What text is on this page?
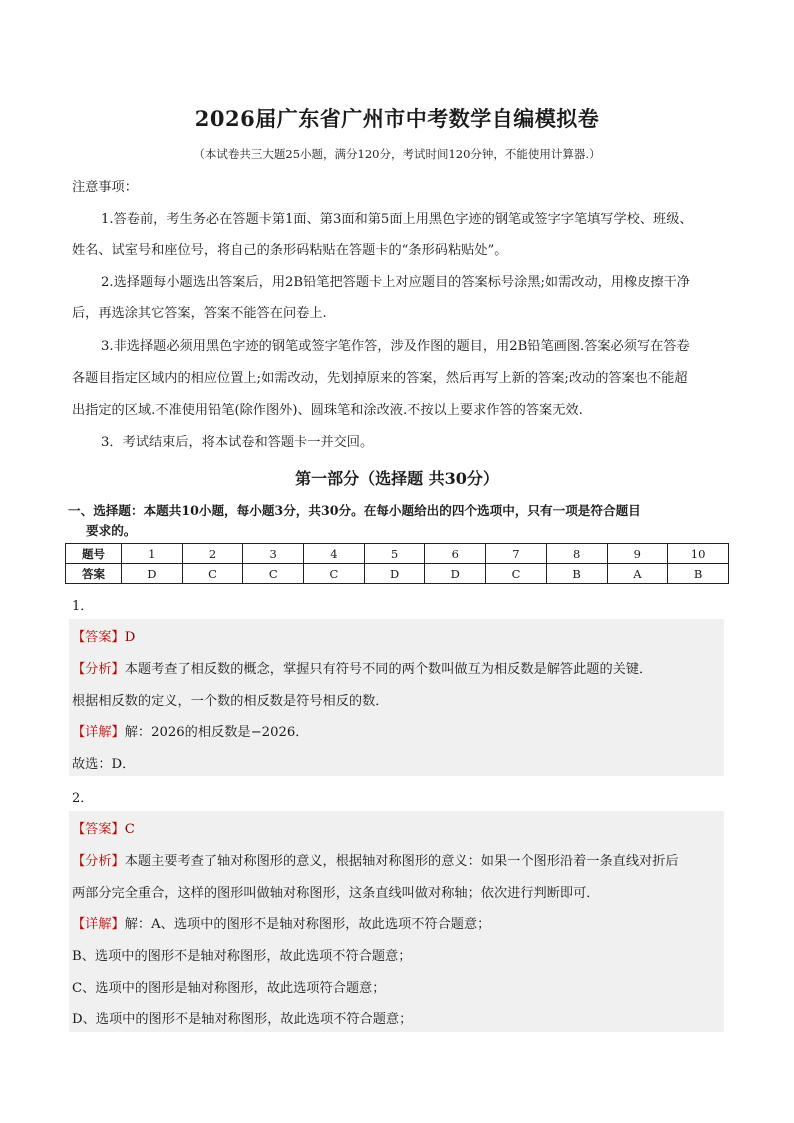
2026届广东省广州市中考数学自编模拟卷
（本试卷共三大题25小题，满分120分，考试时间120分钟，不能使用计算器.）
注意事项：
1.答卷前，考生务必在答题卡第1面、第3面和第5面上用黑色字迹的钢笔或签字字笔填写学校、班级、
姓名、试室号和座位号，将自己的条形码粘贴在答题卡的“条形码粘贴处”。
2.选择题每小题选出答案后，用2B铅笔把答题卡上对应题目的答案标号涂黑;如需改动，用橡皮擦干净
后，再选涂其它答案，答案不能答在问卷上.
3.非选择题必须用黑色字迹的钢笔或签字笔作答，涉及作图的题目，用2B铅笔画图.答案必须写在答卷
各题目指定区域内的相应位置上;如需改动，先划掉原来的答案，然后再写上新的答案;改动的答案也不能超
出指定的区域.不准使用铅笔(除作图外)、圆珠笔和涂改液.不按以上要求作答的答案无效.
3．考试结束后，将本试卷和答题卡一并交回。
第一部分（选择题 共30分）
一、选择题：本题共10小题，每小题3分，共30分。在每小题给出的四个选项中，只有一项是符合题目
要求的。
题号	1	2	3	4	5	6	7	8	9	10
答案	D	C	C	C	D	D	C	B	A	B
1．
【答案】D
【分析】本题考查了相反数的概念，掌握只有符号不同的两个数叫做互为相反数是解答此题的关键．
根据相反数的定义，一个数的相反数是符号相反的数．
【详解】解：2026的相反数是−2026．
故选：D．
2．
【答案】C
【分析】本题主要考查了轴对称图形的意义，根据轴对称图形的意义：如果一个图形沿着一条直线对折后
两部分完全重合，这样的图形叫做轴对称图形，这条直线叫做对称轴；依次进行判断即可．
【详解】解：A、选项中的图形不是轴对称图形，故此选项不符合题意；
B、选项中的图形不是轴对称图形，故此选项不符合题意；
C、选项中的图形是轴对称图形，故此选项符合题意；
D、选项中的图形不是轴对称图形，故此选项不符合题意；
